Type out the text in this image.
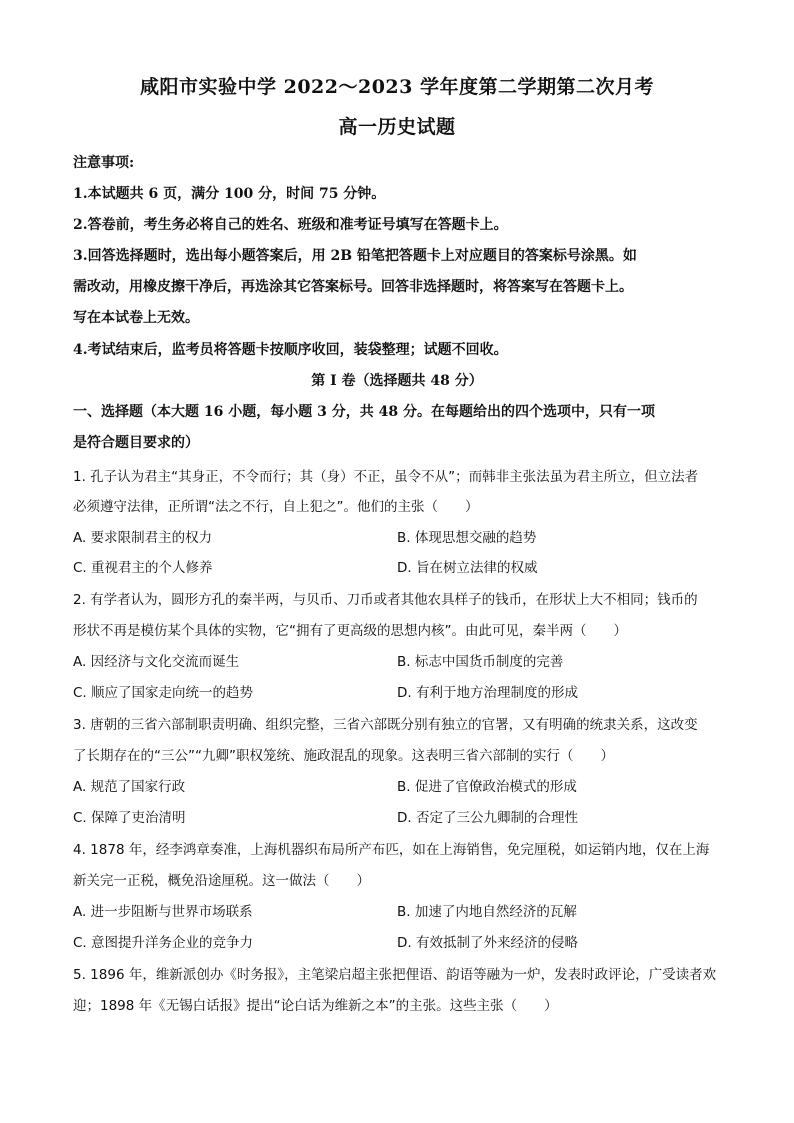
咸阳市实验中学 2022～2023 学年度第二学期第二次月考
高一历史试题
注意事项:
1.本试题共 6 页，满分 100 分，时间 75 分钟。
2.答卷前，考生务必将自己的姓名、班级和准考证号填写在答题卡上。
3.回答选择题时，选出每小题答案后，用 2B 铅笔把答题卡上对应题目的答案标号涂黑。如
需改动，用橡皮擦干净后，再选涂其它答案标号。回答非选择题时，将答案写在答题卡上。
写在本试卷上无效。
4.考试结束后，监考员将答题卡按顺序收回，装袋整理；试题不回收。
第 I 卷（选择题共 48 分）
一、选择题（本大题 16 小题，每小题 3 分，共 48 分。在每题给出的四个选项中，只有一项
是符合题目要求的）
1. 孔子认为君主“其身正，不令而行；其（身）不正，虽令不从”；而韩非主张法虽为君主所立，但立法者
必须遵守法律，正所谓“法之不行，自上犯之”。他们的主张（　　）
A. 要求限制君主的权力	B. 体现思想交融的趋势
C. 重视君主的个人修养	D. 旨在树立法律的权威
2. 有学者认为，圆形方孔的秦半两，与贝币、刀币或者其他农具样子的钱币，在形状上大不相同；钱币的
形状不再是模仿某个具体的实物，它“拥有了更高级的思想内核”。由此可见，秦半两（　　）
A. 因经济与文化交流而诞生	B. 标志中国货币制度的完善
C. 顺应了国家走向统一的趋势	D. 有利于地方治理制度的形成
3. 唐朝的三省六部制职责明确、组织完整，三省六部既分别有独立的官署，又有明确的统隶关系，这改变
了长期存在的“三公”“九卿”职权笼统、施政混乱的现象。这表明三省六部制的实行（　　）
A. 规范了国家行政	B. 促进了官僚政治模式的形成
C. 保障了吏治清明	D. 否定了三公九卿制的合理性
4. 1878 年，经李鸿章奏准，上海机器织布局所产布匹，如在上海销售，免完厘税，如运销内地，仅在上海
新关完一正税，概免沿途厘税。这一做法（　　）
A. 进一步阻断与世界市场联系	B. 加速了内地自然经济的瓦解
C. 意图提升洋务企业的竞争力	D. 有效抵制了外来经济的侵略
5. 1896 年，维新派创办《时务报》，主笔梁启超主张把俚语、韵语等融为一炉，发表时政评论，广受读者欢
迎；1898 年《无锡白话报》提出“论白话为维新之本”的主张。这些主张（　　）
